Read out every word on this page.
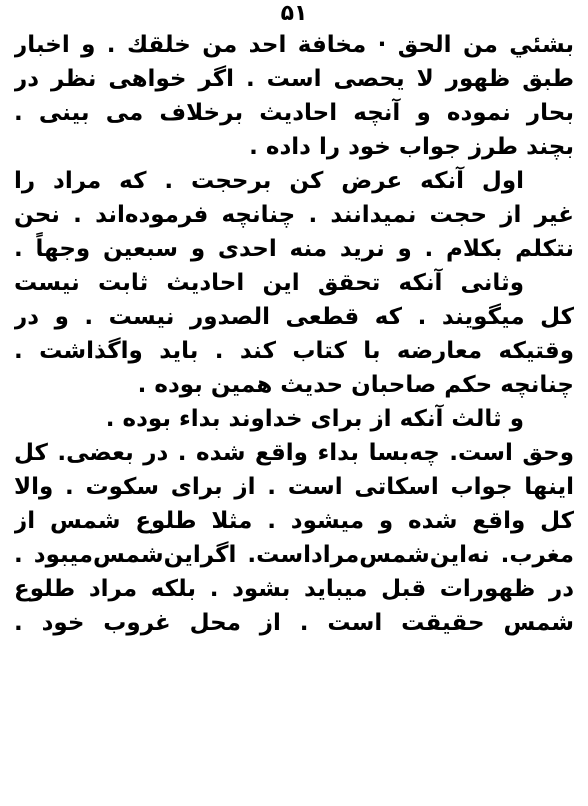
۵۱
بشئي من الحق · مخافة احد من خلقك . و اخبار
طبق ظهور لا يحصى است . اگر خواهى نظر در
بحار نموده و آنچه احاديث برخلاف مى بينى .
بچند طرز جواب خود را داده .
اول آنكه عرض كن برحجت . كه مراد را
غير از حجت نميدانند . چنانچه فرموده‌اند . نحن
نتكلم بكلام . و نريد منه احدى و سبعين وجهاً .
وثانى آنكه تحقق اين احاديث ثابت نيست
كل ميگويند . كه قطعى الصدور نيست . و در
وقتيكه معارضه با كتاب كند . بايد واگذاشت .
چنانچه حكم صاحبان حديث همين بوده .
و ثالث آنكه از براى خداوند بداء بوده .
وحق است. چه‌بسا بداء واقع شده . در بعضى. كل
اينها جواب اسكاتى است . از براى سكوت . والا
كل واقع شده و ميشود . مثلا طلوع شمس از
مغرب. نه‌اين‌شمس‌مراداست. اگراين‌شمس‌ميبود .
در ظهورات قبل ميبايد بشود . بلكه مراد طلوع
شمس حقيقت است . از محل غروب خود .
